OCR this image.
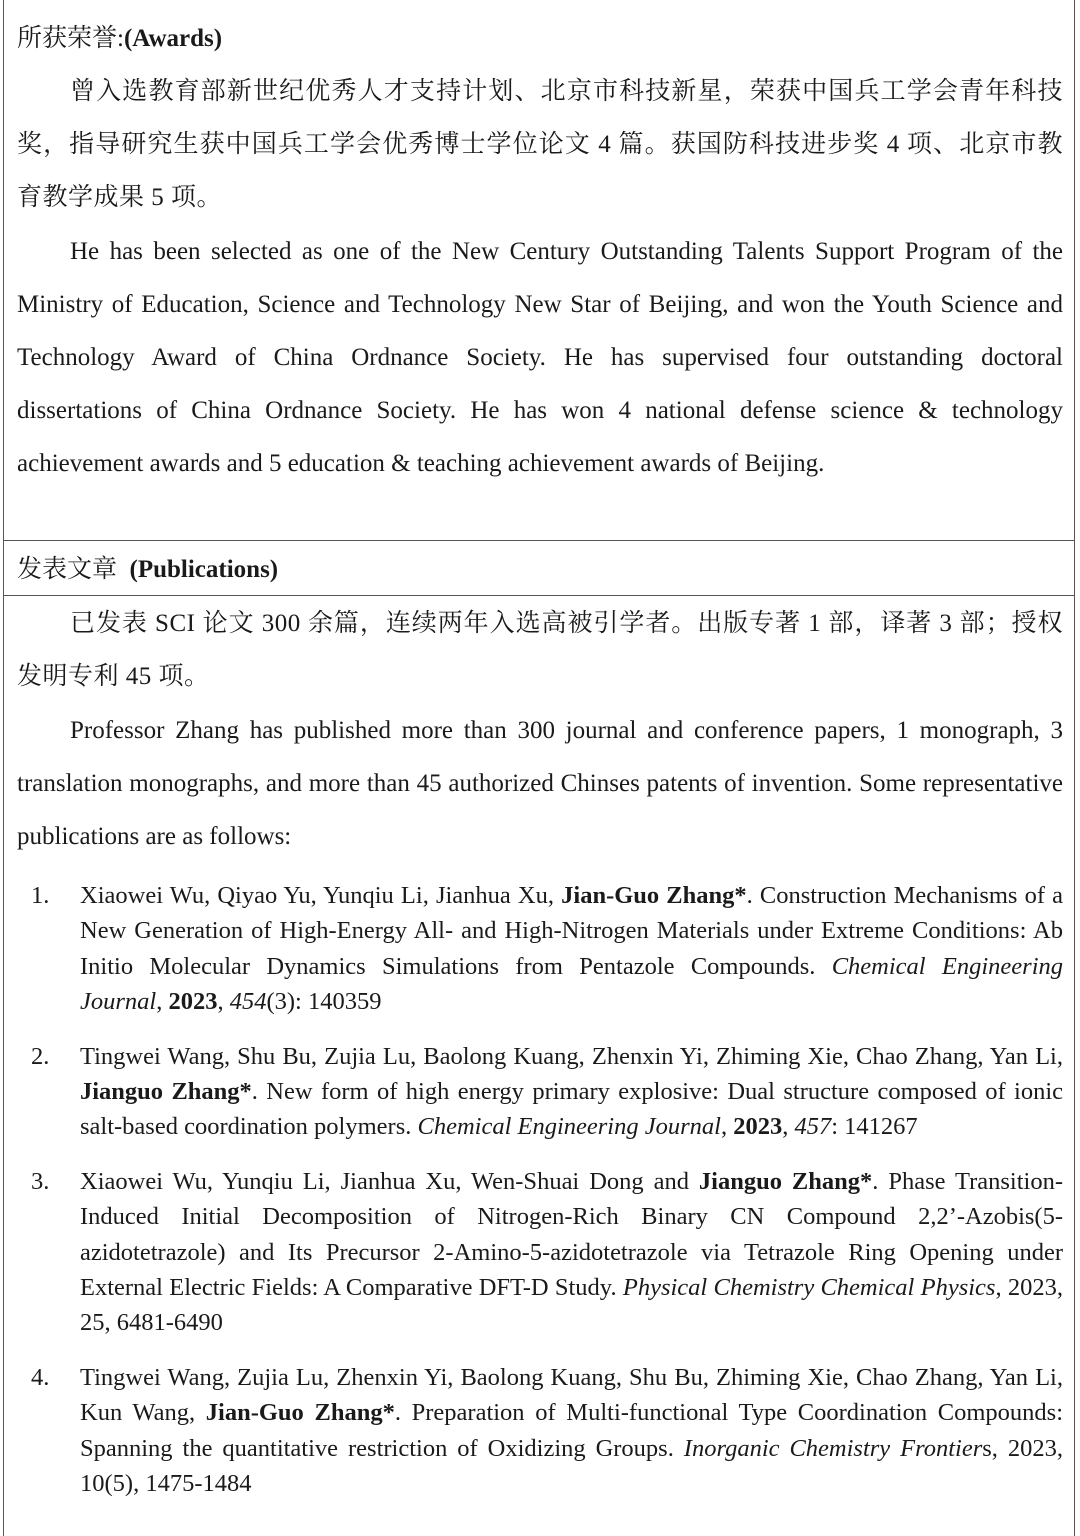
所获荣誉:(Awards)

曾入选教育部新世纪优秀人才支持计划、北京市科技新星，荣获中国兵工学会青年科技奖，指导研究生获中国兵工学会优秀博士学位论文 4 篇。获国防科技进步奖 4 项、北京市教育教学成果 5 项。

He has been selected as one of the New Century Outstanding Talents Support Program of the Ministry of Education, Science and Technology New Star of Beijing, and won the Youth Science and Technology Award of China Ordnance Society. He has supervised four outstanding doctoral dissertations of China Ordnance Society. He has won 4 national defense science & technology achievement awards and 5 education & teaching achievement awards of Beijing.

发表文章 (Publications)

已发表 SCI 论文 300 余篇，连续两年入选高被引学者。出版专著 1 部，译著 3 部；授权发明专利 45 项。

Professor Zhang has published more than 300 journal and conference papers, 1 monograph, 3 translation monographs, and more than 45 authorized Chinses patents of invention. Some representative publications are as follows:

1. Xiaowei Wu, Qiyao Yu, Yunqiu Li, Jianhua Xu, Jian-Guo Zhang*. Construction Mechanisms of a New Generation of High-Energy All- and High-Nitrogen Materials under Extreme Conditions: Ab Initio Molecular Dynamics Simulations from Pentazole Compounds. Chemical Engineering Journal, 2023, 454(3): 140359
2. Tingwei Wang, Shu Bu, Zujia Lu, Baolong Kuang, Zhenxin Yi, Zhiming Xie, Chao Zhang, Yan Li, Jianguo Zhang*. New form of high energy primary explosive: Dual structure composed of ionic salt-based coordination polymers. Chemical Engineering Journal, 2023, 457: 141267
3. Xiaowei Wu, Yunqiu Li, Jianhua Xu, Wen-Shuai Dong and Jianguo Zhang*. Phase Transition-Induced Initial Decomposition of Nitrogen-Rich Binary CN Compound 2,2’-Azobis(5-azidotetrazole) and Its Precursor 2-Amino-5-azidotetrazole via Tetrazole Ring Opening under External Electric Fields: A Comparative DFT-D Study. Physical Chemistry Chemical Physics, 2023, 25, 6481-6490
4. Tingwei Wang, Zujia Lu, Zhenxin Yi, Baolong Kuang, Shu Bu, Zhiming Xie, Chao Zhang, Yan Li, Kun Wang, Jian-Guo Zhang*. Preparation of Multi-functional Type Coordination Compounds: Spanning the quantitative restriction of Oxidizing Groups. Inorganic Chemistry Frontiers, 2023, 10(5), 1475-1484
